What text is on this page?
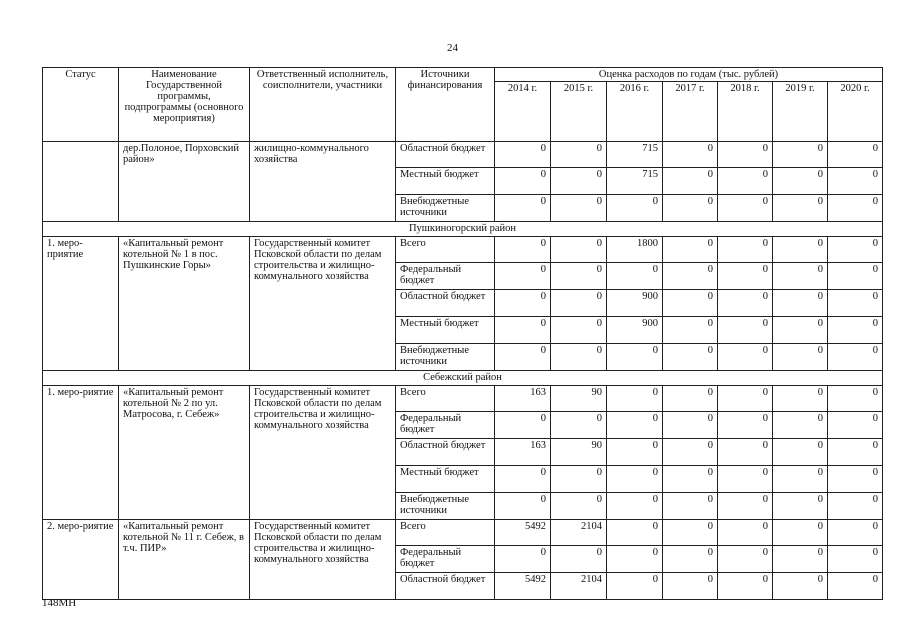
24
Статус	Наименование Государственной программы, подпрограммы (основного мероприятия)	Ответственный исполнитель, соисполнители, участники	Источники финансирования	Оценка расходов по годам (тыс. рублей)						
				2014 г.	2015 г.	2016 г.	2017 г.	2018 г.	2019 г.	2020 г.
	дер.Полоное, Порховский район»	жилищно-коммунального хозяйства	Областной бюджет	0	0	715	0	0	0	0
			Местный бюджет	0	0	715	0	0	0	0
			Внебюджетные источники	0	0	0	0	0	0	0
Пушкиногорский район										
1. меро-приятие	«Капитальный ремонт котельной № 1 в пос. Пушкинские Горы»	Государственный комитет Псковской области по делам строительства и жилищно-коммунального хозяйства	Всего	0	0	1800	0	0	0	0
			Федеральный бюджет	0	0	0	0	0	0	0
			Областной бюджет	0	0	900	0	0	0	0
			Местный бюджет	0	0	900	0	0	0	0
			Внебюджетные источники	0	0	0	0	0	0	0
Себежский район										
1. меро-риятие	«Капитальный ремонт котельной № 2 по ул. Матросова, г. Себеж»	Государственный комитет Псковской области по делам строительства и жилищно-коммунального хозяйства	Всего	163	90	0	0	0	0	0
			Федеральный бюджет	0	0	0	0	0	0	0
			Областной бюджет	163	90	0	0	0	0	0
			Местный бюджет	0	0	0	0	0	0	0
			Внебюджетные источники	0	0	0	0	0	0	0
2. меро-риятие	«Капитальный ремонт котельной № 11 г. Себеж, в т.ч. ПИР»	Государственный комитет Псковской области по делам строительства и жилищно-коммунального хозяйства	Всего	5492	2104	0	0	0	0	0
			Федеральный бюджет	0	0	0	0	0	0	0
			Областной бюджет	5492	2104	0	0	0	0	0
148МН
